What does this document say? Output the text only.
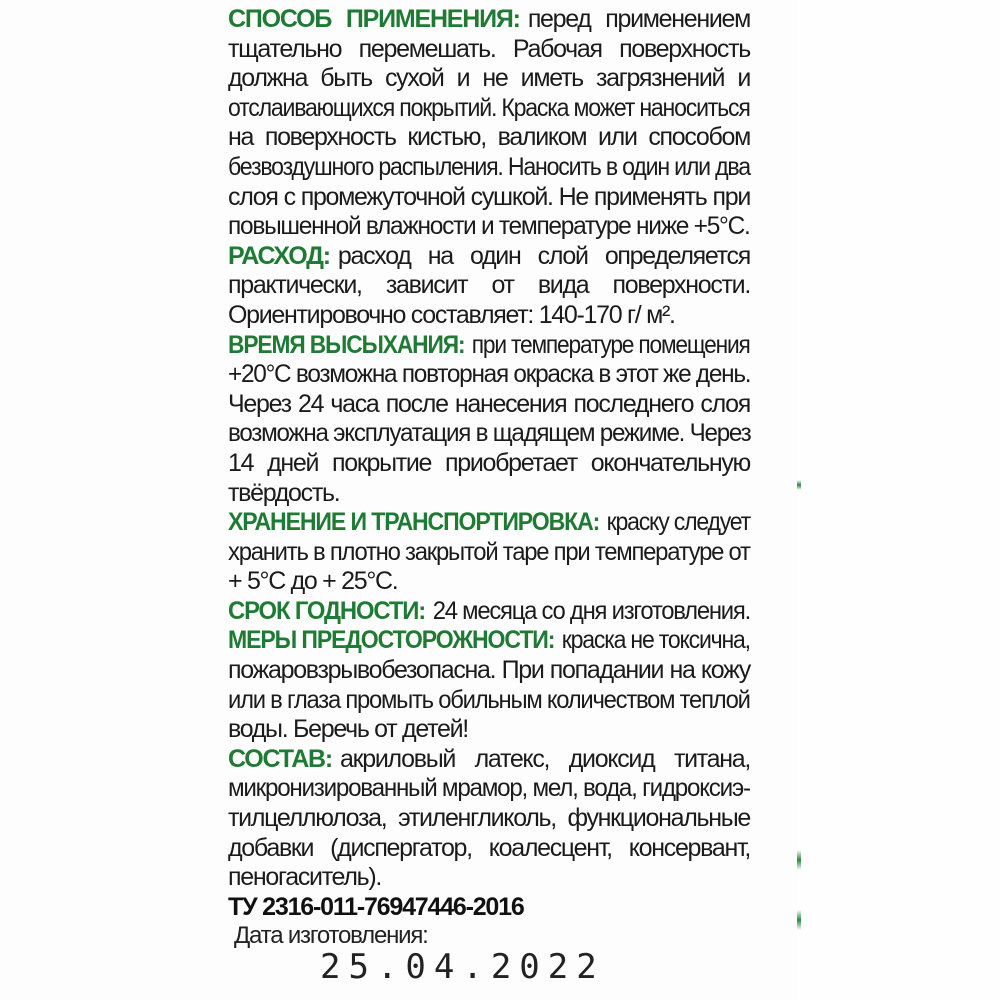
СПОСОБ ПРИМЕНЕНИЯ: перед применением
тщательно перемешать. Рабочая поверхность
должна быть сухой и не иметь загрязнений и
отслаивающихся покрытий. Краска может наноситься
на поверхность кистью, валиком или способом
безвоздушного распыления. Наносить в один или два
слоя с промежуточной сушкой. Не применять при
повышенной влажности и температуре ниже +5°С.
РАСХОД: расход на один слой определяется
практически, зависит от вида поверхности.
Ориентировочно составляет: 140-170 г/ м².
ВРЕМЯ ВЫСЫХАНИЯ: при температуре помещения
+20°С возможна повторная окраска в этот же день.
Через 24 часа после нанесения последнего слоя
возможна эксплуатация в щадящем режиме. Через
14 дней покрытие приобретает окончательную
твёрдость.
ХРАНЕНИЕ И ТРАНСПОРТИРОВКА: краску следует
хранить в плотно закрытой таре при температуре от
+ 5°С до + 25°С.
СРОК ГОДНОСТИ: 24 месяца со дня изготовления.
МЕРЫ ПРЕДОСТОРОЖНОСТИ: краска не токсична,
пожаровзрывобезопасна. При попадании на кожу
или в глаза промыть обильным количеством теплой
воды. Беречь от детей!
СОСТАВ: акриловый латекс, диоксид титана,
микронизированный мрамор, мел, вода, гидроксиэ-
тилцеллюлоза, этиленгликоль, функциональные
добавки (диспергатор, коалесцент, консервант,
пеногаситель).
ТУ 2316-011-76947446-2016
Дата изготовления:
25.04.2022
